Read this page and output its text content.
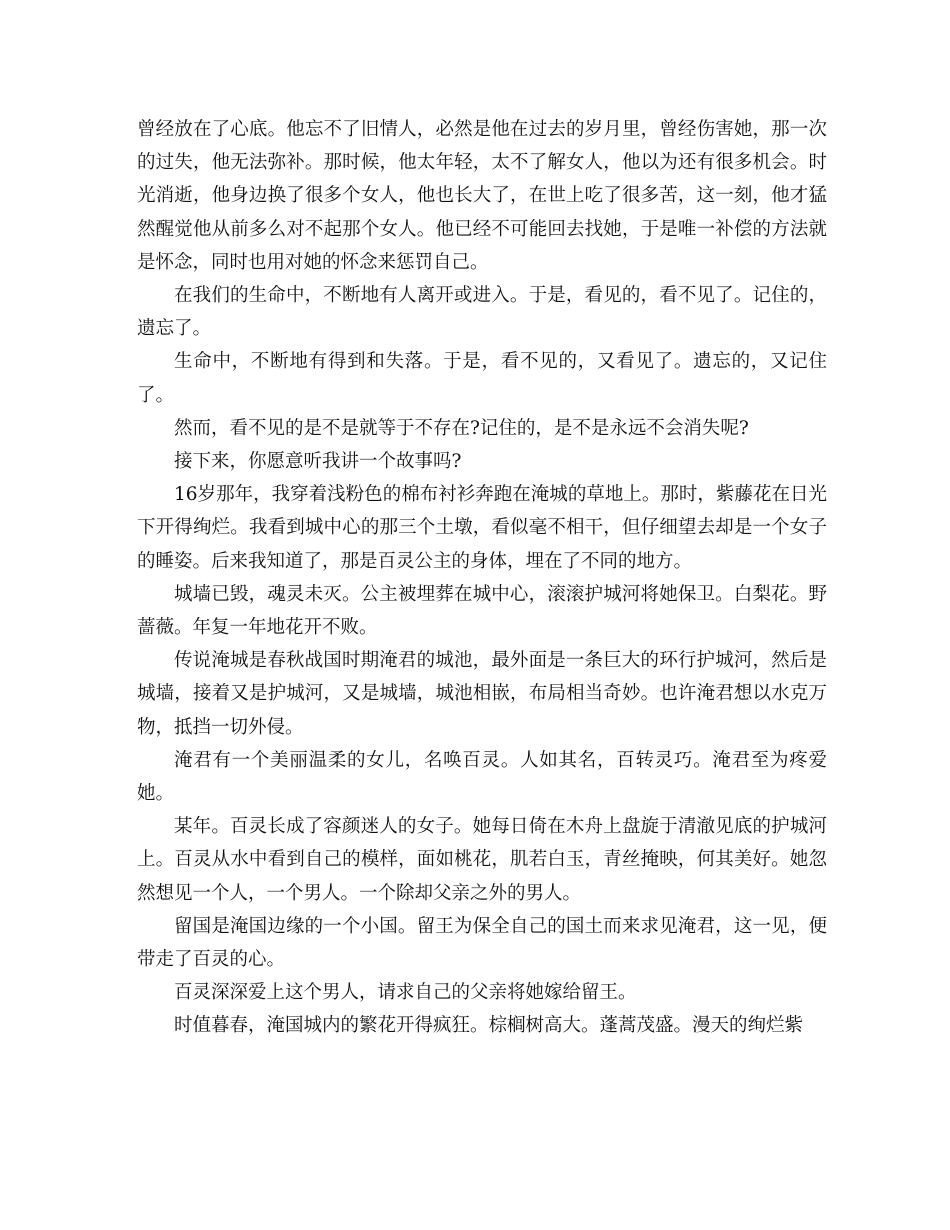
曾经放在了心底。他忘不了旧情人，必然是他在过去的岁月里，曾经伤害她，那一次的过失，他无法弥补。那时候，他太年轻，太不了解女人，他以为还有很多机会。时光消逝，他身边换了很多个女人，他也长大了，在世上吃了很多苦，这一刻，他才猛然醒觉他从前多么对不起那个女人。他已经不可能回去找她，于是唯一补偿的方法就是怀念，同时也用对她的怀念来惩罚自己。

在我们的生命中，不断地有人离开或进入。于是，看见的，看不见了。记住的，遗忘了。

生命中，不断地有得到和失落。于是，看不见的，又看见了。遗忘的，又记住了。

然而，看不见的是不是就等于不存在?记住的，是不是永远不会消失呢?

接下来，你愿意听我讲一个故事吗?

16岁那年，我穿着浅粉色的棉布衬衫奔跑在淹城的草地上。那时，紫藤花在日光下开得绚烂。我看到城中心的那三个土墩，看似毫不相干，但仔细望去却是一个女子的睡姿。后来我知道了，那是百灵公主的身体，埋在了不同的地方。

城墙已毁，魂灵未灭。公主被埋葬在城中心，滚滚护城河将她保卫。白梨花。野蔷薇。年复一年地花开不败。

传说淹城是春秋战国时期淹君的城池，最外面是一条巨大的环行护城河，然后是城墙，接着又是护城河，又是城墙，城池相嵌，布局相当奇妙。也许淹君想以水克万物，抵挡一切外侵。

淹君有一个美丽温柔的女儿，名唤百灵。人如其名，百转灵巧。淹君至为疼爱她。

某年。百灵长成了容颜迷人的女子。她每日倚在木舟上盘旋于清澈见底的护城河上。百灵从水中看到自己的模样，面如桃花，肌若白玉，青丝掩映，何其美好。她忽然想见一个人，一个男人。一个除却父亲之外的男人。

留国是淹国边缘的一个小国。留王为保全自己的国土而来求见淹君，这一见，便带走了百灵的心。

百灵深深爱上这个男人，请求自己的父亲将她嫁给留王。

时值暮春，淹国城内的繁花开得疯狂。棕榈树高大。蓬蒿茂盛。漫天的绚烂紫
